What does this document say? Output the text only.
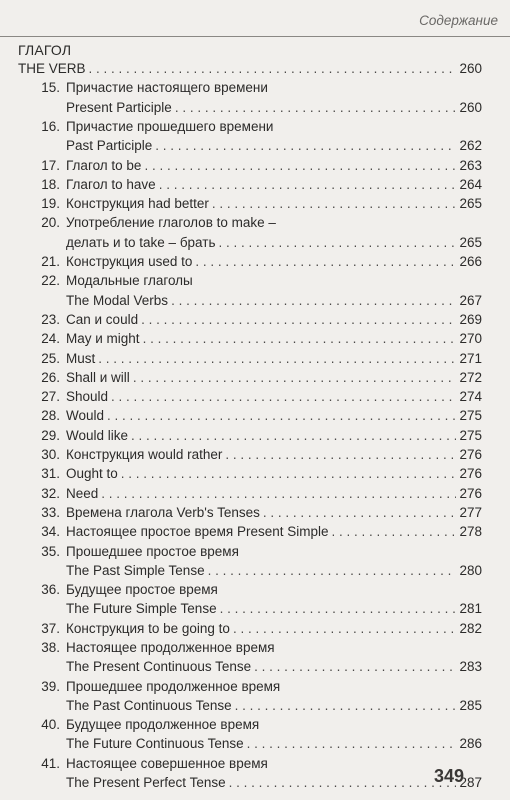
Содержание
ГЛАГОЛ
THE VERB . . .	260
15. Причастие настоящего времени
Present Participle . . .	260
16. Причастие прошедшего времени
Past Participle . . .	262
17. Глагол to be . . .	263
18. Глагол to have . . .	264
19. Конструкция had better . . .	265
20. Употребление глаголов to make –
делать и to take – брать . . .	265
21. Конструкция used to . . .	266
22. Модальные глаголы
The Modal Verbs . . .	267
23. Can и could . . .	269
24. May и might . . .	270
25. Must . . .	271
26. Shall и will . . .	272
27. Should . . .	274
28. Would . . .	275
29. Would like . . .	275
30. Конструкция would rather . . .	276
31. Ought to . . .	276
32. Need . . .	276
33. Времена глагола Verb's Tenses . . .	277
34. Настоящее простое время Present Simple . . .	278
35. Прошедшее простое время
The Past Simple Tense . . .	280
36. Будущее простое время
The Future Simple Tense . . .	281
37. Конструкция to be going to . . .	282
38. Настоящее продолженное время
The Present Continuous Tense . . .	283
39. Прошедшее продолженное время
The Past Continuous Tense . . .	285
40. Будущее продолженное время
The Future Continuous Tense . . .	286
41. Настоящее совершенное время
The Present Perfect Tense . . .	287
349
